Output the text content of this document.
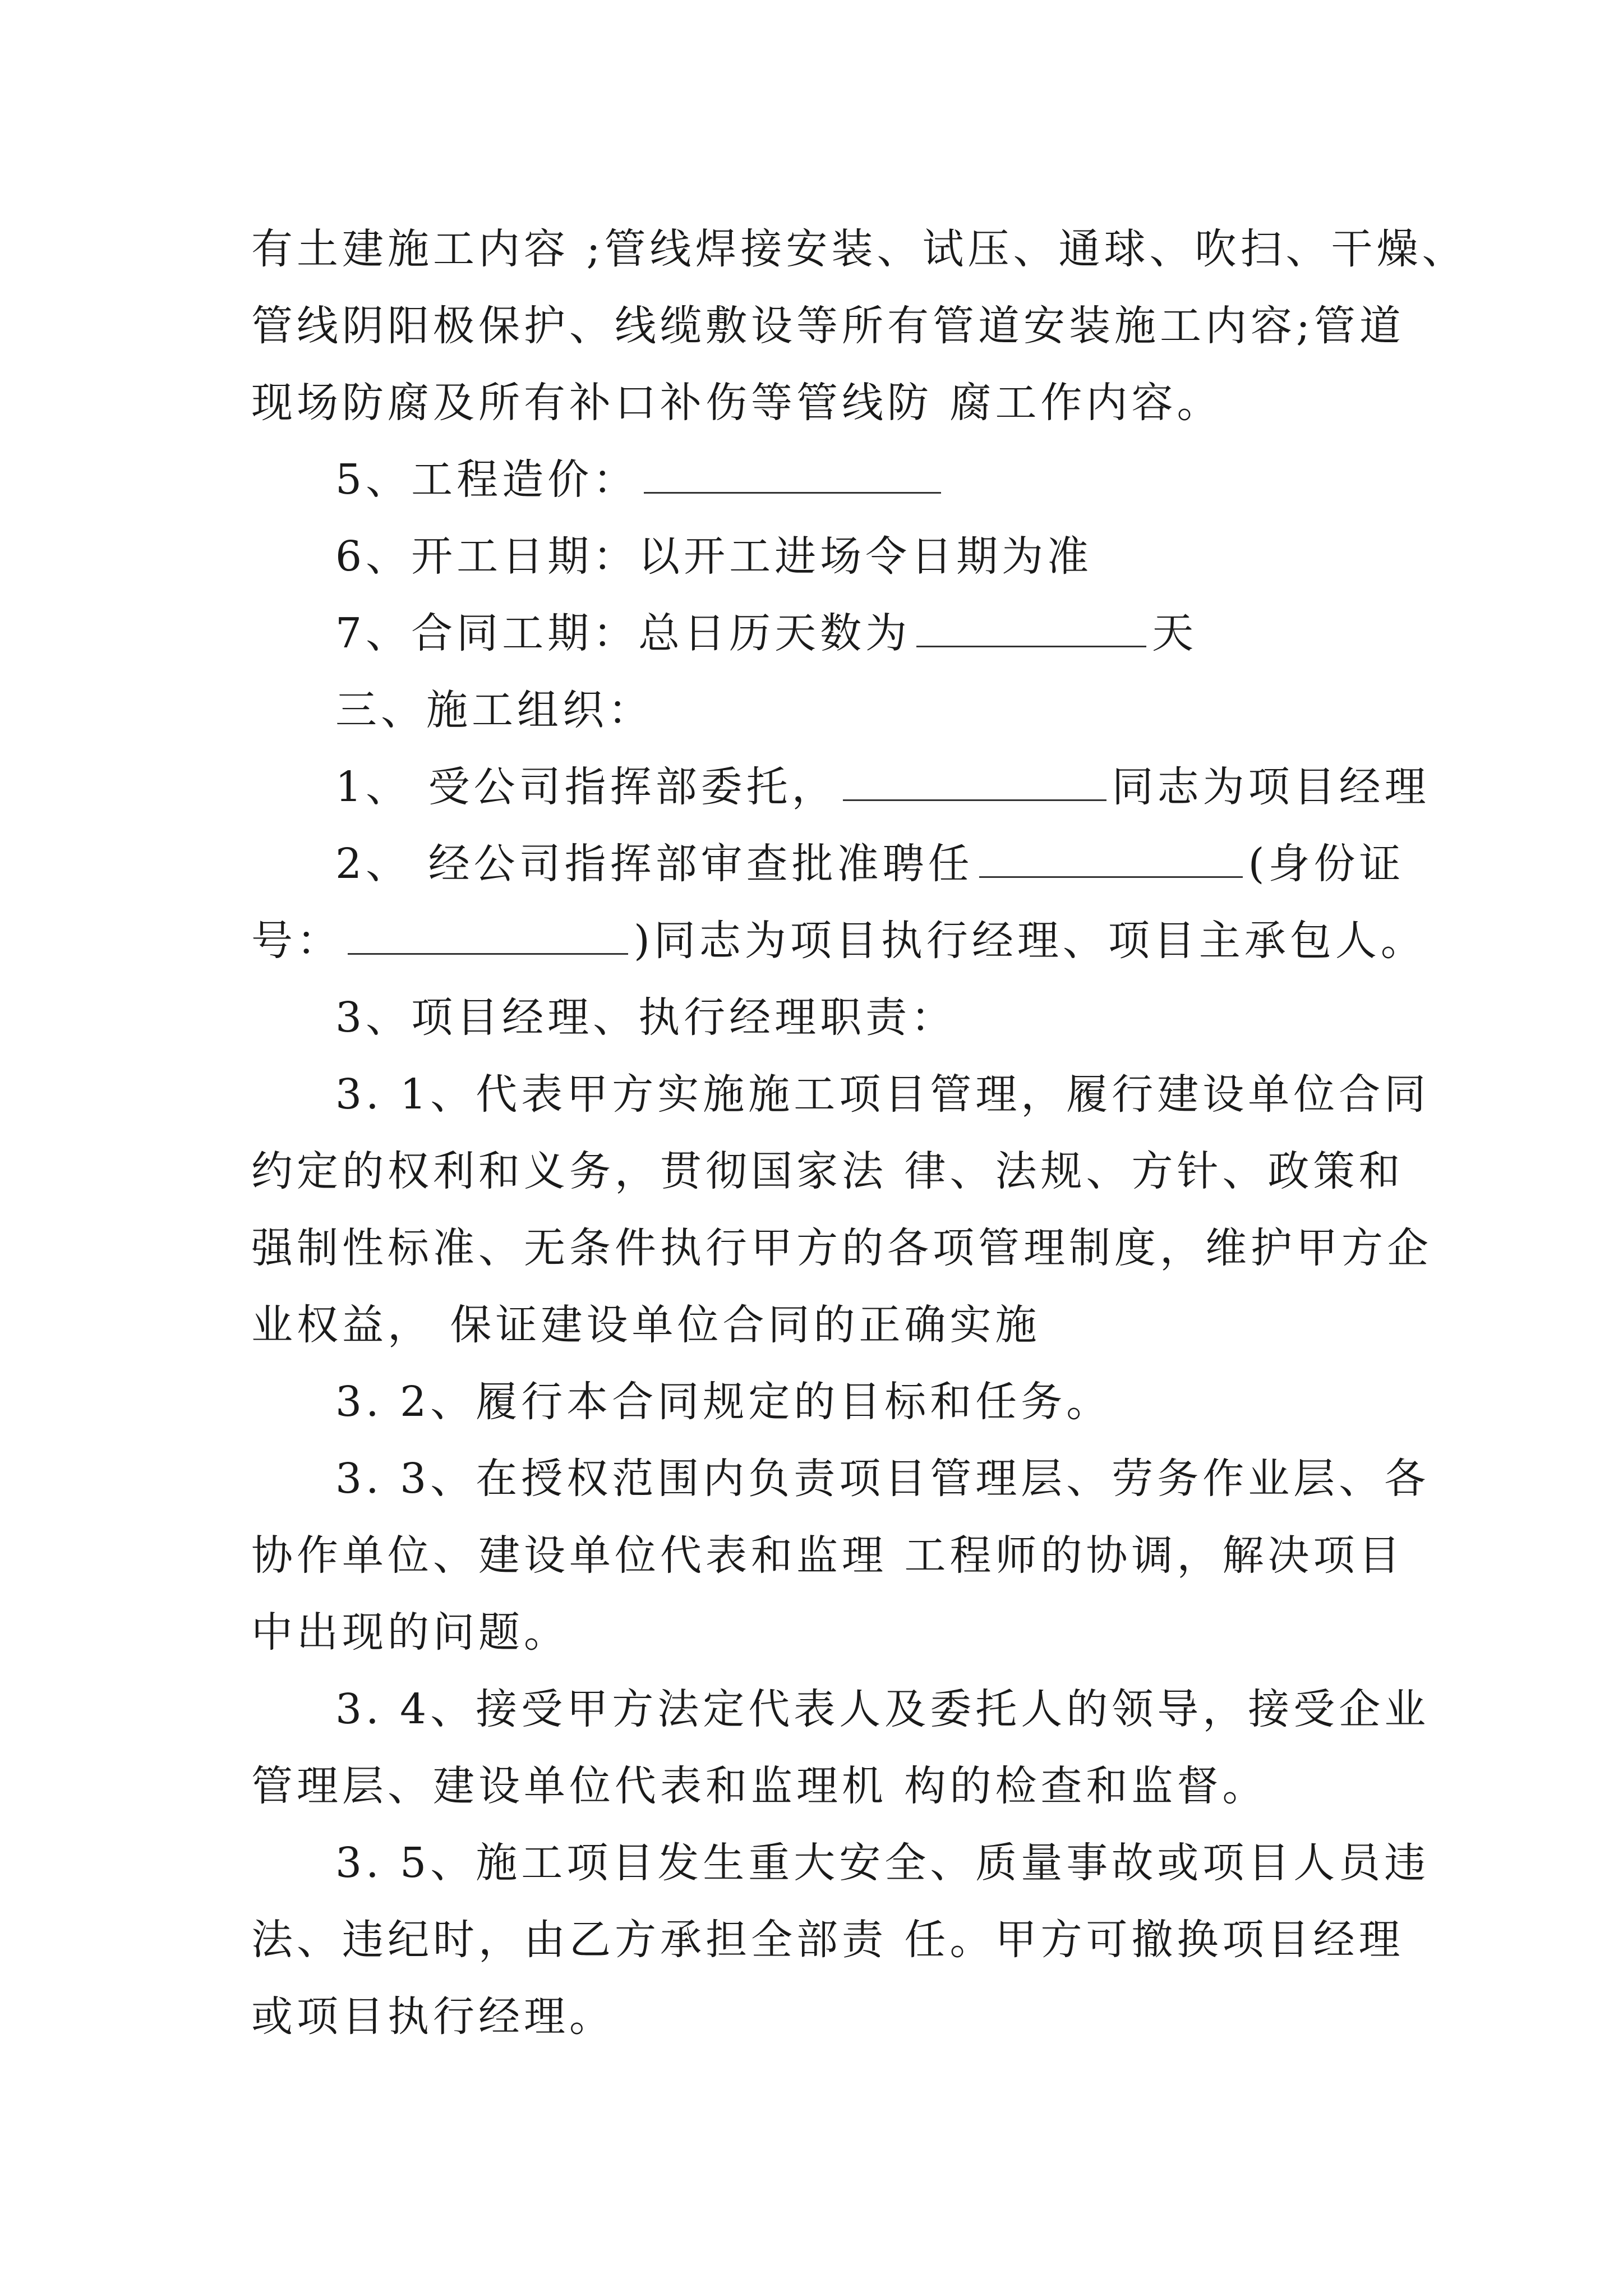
有土建施工内容 ;管线焊接安装、试压、通球、吹扫、干燥、

管线阴阳极保护、线缆敷设等所有管道安装施工内容;管道

现场防腐及所有补口补伤等管线防 腐工作内容。

5、工程造价：

6、开工日期：以开工进场令日期为准

7、合同工期：总日历天数为	天

三、施工组织：

1、 受公司指挥部委托，	同志为项目经理

2、 经公司指挥部审查批准聘任	(身份证

号：	)同志为项目执行经理、项目主承包人。

3、项目经理、执行经理职责：

3. 1、代表甲方实施施工项目管理，履行建设单位合同

约定的权利和义务，贯彻国家法 律、法规、方针、政策和

强制性标准、无条件执行甲方的各项管理制度，维护甲方企

业权益， 保证建设单位合同的正确实施

3. 2、履行本合同规定的目标和任务。

3. 3、在授权范围内负责项目管理层、劳务作业层、各

协作单位、建设单位代表和监理 工程师的协调，解决项目

中出现的问题。

3. 4、接受甲方法定代表人及委托人的领导，接受企业

管理层、建设单位代表和监理机 构的检查和监督。

3. 5、施工项目发生重大安全、质量事故或项目人员违

法、违纪时，由乙方承担全部责 任。甲方可撤换项目经理

或项目执行经理。
